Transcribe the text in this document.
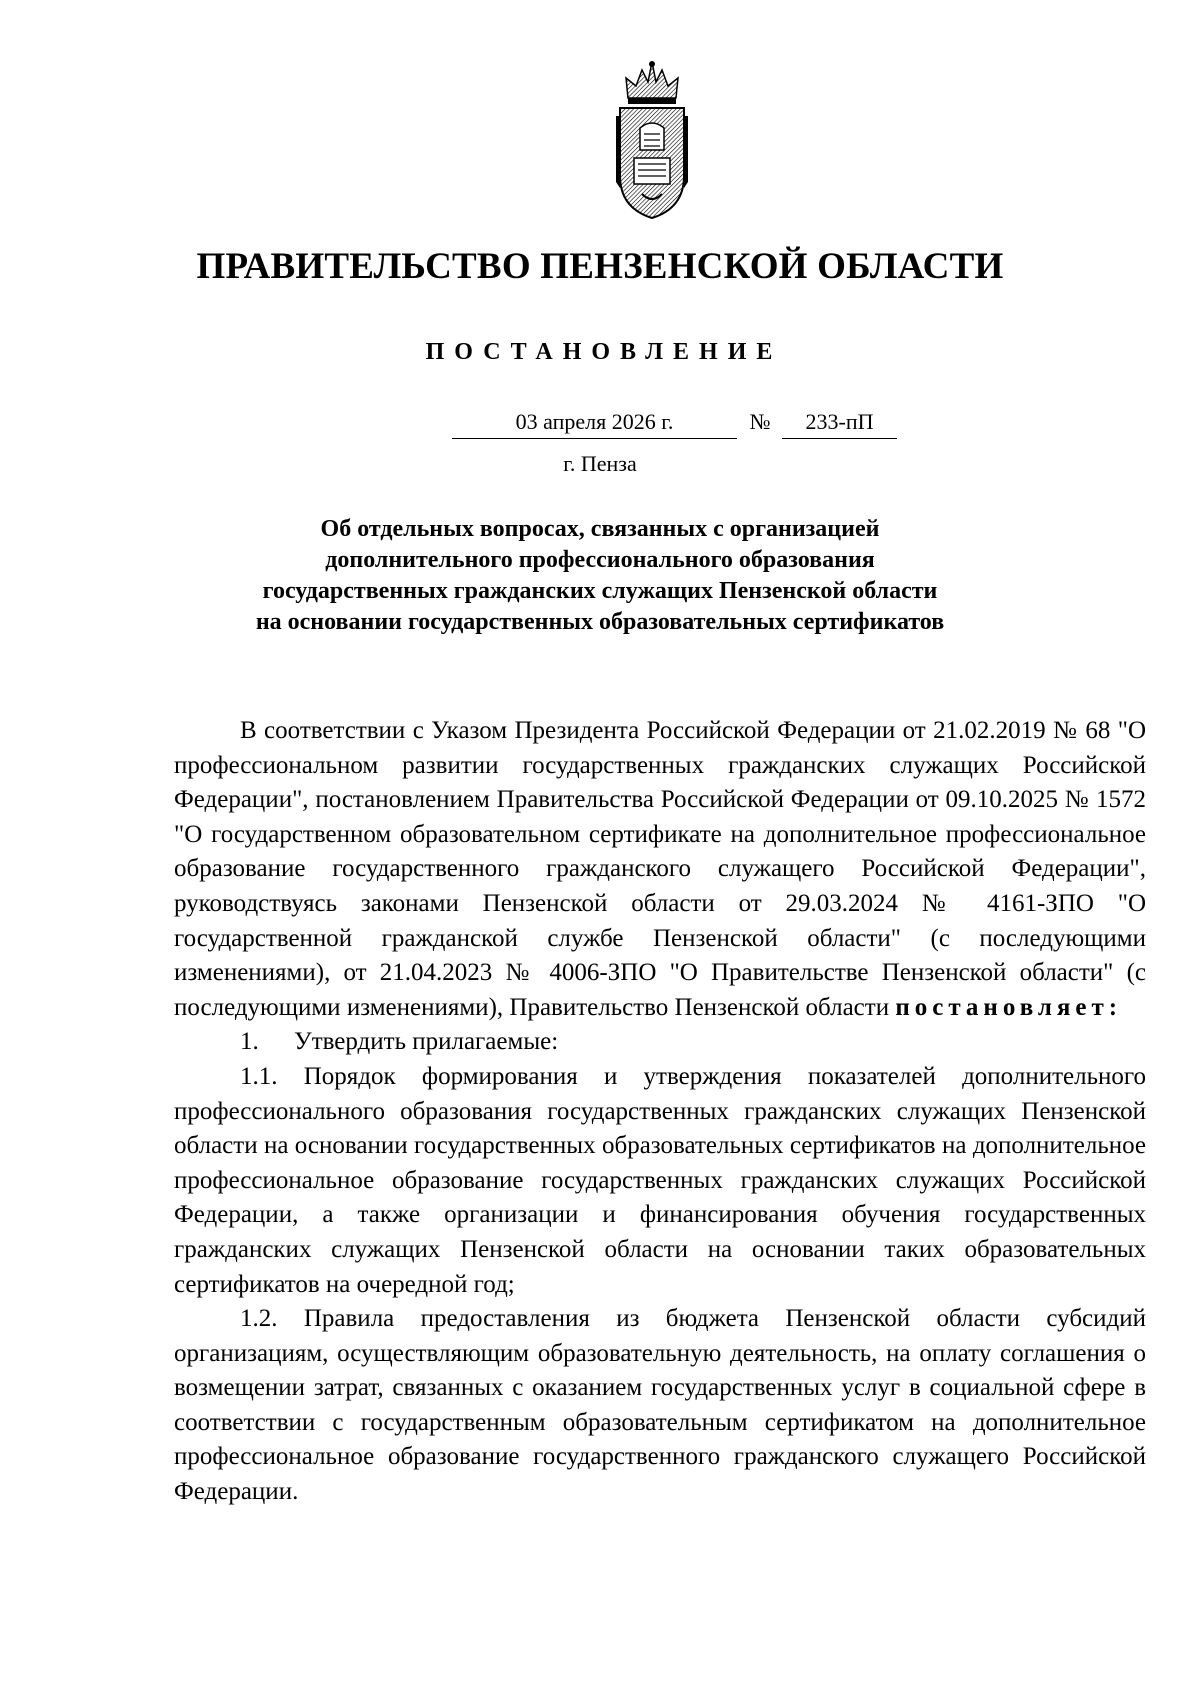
ПРАВИТЕЛЬСТВО ПЕНЗЕНСКОЙ ОБЛАСТИ
ПОСТАНОВЛЕНИЕ
03 апреля 2026 г.	№	233-пП
г. Пенза
Об отдельных вопросах, связанных с организацией
дополнительного профессионального образования
государственных гражданских служащих Пензенской области
на основании государственных образовательных сертификатов

В соответствии с Указом Президента Российской Федерации от 21.02.2019 № 68 "О профессиональном развитии государственных гражданских служащих Российской Федерации", постановлением Правительства Российской Федерации от 09.10.2025 № 1572 "О государственном образовательном сертификате на дополнительное профессиональное образование государственного гражданского служащего Российской Федерации", руководствуясь законами Пензенской области от 29.03.2024 № 4161-ЗПО "О государственной гражданской службе Пензенской области" (с последующими изменениями), от 21.04.2023 № 4006-ЗПО "О Правительстве Пензенской области" (с последующими изменениями), Правительство Пензенской области постановляет:

1. Утвердить прилагаемые:

1.1. Порядок формирования и утверждения показателей дополнительного профессионального образования государственных гражданских служащих Пензенской области на основании государственных образовательных сертификатов на дополнительное профессиональное образование государственных гражданских служащих Российской Федерации, а также организации и финансирования обучения государственных гражданских служащих Пензенской области на основании таких образовательных сертификатов на очередной год;

1.2. Правила предоставления из бюджета Пензенской области субсидий организациям, осуществляющим образовательную деятельность, на оплату соглашения о возмещении затрат, связанных с оказанием государственных услуг в социальной сфере в соответствии с государственным образовательным сертификатом на дополнительное профессиональное образование государственного гражданского служащего Российской Федерации.
